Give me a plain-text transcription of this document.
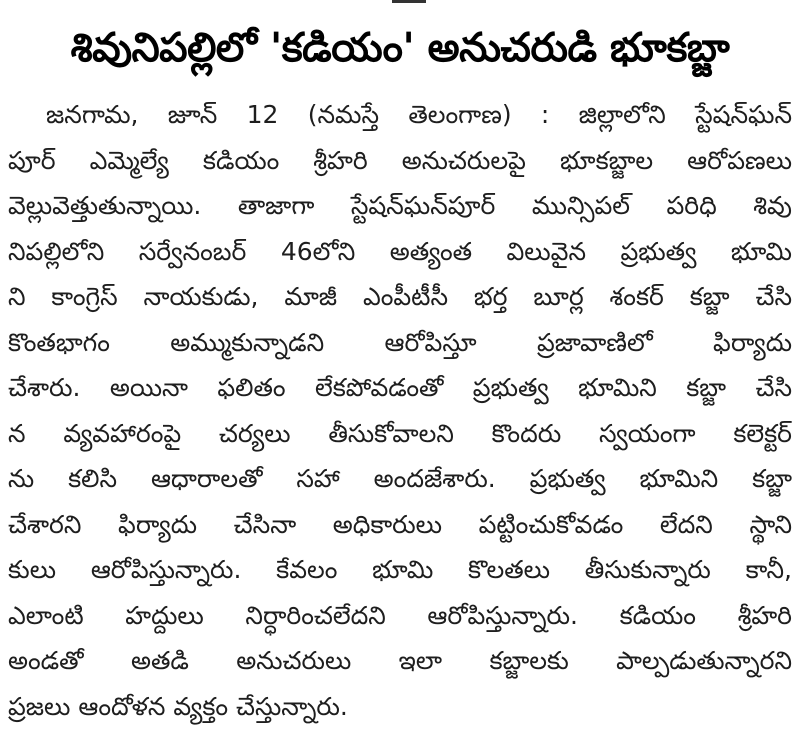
శివునిపల్లిలో 'కడియం' అనుచరుడి భూకబ్జా
జనగామ, జూన్ 12 (నమస్తే తెలంగాణ) : జిల్లాలోని స్టేషన్‌ఘన్
పూర్ ఎమ్మెల్యే కడియం శ్రీహరి అనుచరులపై భూకబ్జాల ఆరోపణలు
వెల్లువెత్తుతున్నాయి. తాజాగా స్టేషన్‌ఘన్‌పూర్ మున్సిపల్ పరిధి శివు
నిపల్లిలోని సర్వేనంబర్ 46లోని అత్యంత విలువైన ప్రభుత్వ భూమి
ని కాంగ్రెస్ నాయకుడు, మాజీ ఎంపీటీసీ భర్త బూర్ల శంకర్ కబ్జా చేసి
కొంతభాగం అమ్ముకున్నాడని ఆరోపిస్తూ ప్రజావాణిలో ఫిర్యాదు
చేశారు. అయినా ఫలితం లేకపోవడంతో ప్రభుత్వ భూమిని కబ్జా చేసి
న వ్యవహారంపై చర్యలు తీసుకోవాలని కొందరు స్వయంగా కలెక్టర్
ను కలిసి ఆధారాలతో సహా అందజేశారు. ప్రభుత్వ భూమిని కబ్జా
చేశారని ఫిర్యాదు చేసినా అధికారులు పట్టించుకోవడం లేదని స్థాని
కులు ఆరోపిస్తున్నారు. కేవలం భూమి కొలతలు తీసుకున్నారు కానీ,
ఎలాంటి హద్దులు నిర్ధారించలేదని ఆరోపిస్తున్నారు. కడియం శ్రీహరి
అండతో అతడి అనుచరులు ఇలా కబ్జాలకు పాల్పడుతున్నారని
ప్రజలు ఆందోళన వ్యక్తం చేస్తున్నారు.
